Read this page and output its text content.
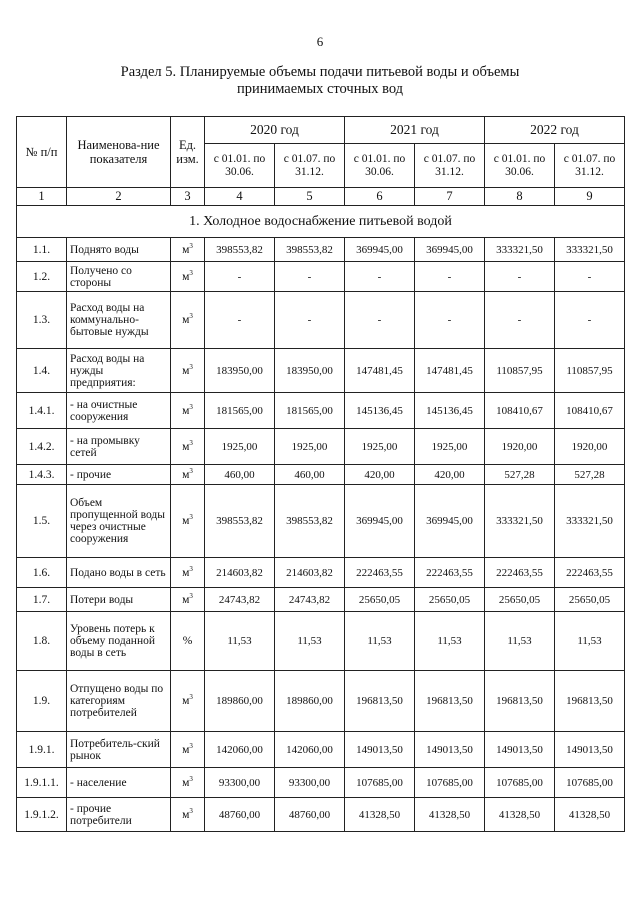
6
Раздел 5. Планируемые объемы подачи питьевой воды и объемы
принимаемых сточных вод
№ п/п	Наименова-ние показателя	Ед. изм.	2020 год		2021 год		2022 год	
			с 01.01. по 30.06.	с 01.07. по 31.12.	с 01.01. по 30.06.	с 01.07. по 31.12.	с 01.01. по 30.06.	с 01.07. по 31.12.
1	2	3	4	5	6	7	8	9
1. Холодное водоснабжение питьевой водой								
1.1.	Поднято воды	$м^3$	398553,82	398553,82	369945,00	369945,00	333321,50	333321,50
1.2.	Получено со стороны	$м^3$	-	-	-	-	-	-
1.3.	Расход воды на коммунально-бытовые нужды	$м^3$	-	-	-	-	-	-
1.4.	Расход воды на нужды предприятия:	$м^3$	183950,00	183950,00	147481,45	147481,45	110857,95	110857,95
1.4.1.	- на очистные сооружения	$м^3$	181565,00	181565,00	145136,45	145136,45	108410,67	108410,67
1.4.2.	- на промывку сетей	$м^3$	1925,00	1925,00	1925,00	1925,00	1920,00	1920,00
1.4.3.	- прочие	$м^3$	460,00	460,00	420,00	420,00	527,28	527,28
1.5.	Объем пропущенной воды через очистные сооружения	$м^3$	398553,82	398553,82	369945,00	369945,00	333321,50	333321,50
1.6.	Подано воды в сеть	$м^3$	214603,82	214603,82	222463,55	222463,55	222463,55	222463,55
1.7.	Потери воды	$м^3$	24743,82	24743,82	25650,05	25650,05	25650,05	25650,05
1.8.	Уровень потерь к объему поданной воды в сеть	%	11,53	11,53	11,53	11,53	11,53	11,53
1.9.	Отпущено воды по категориям потребителей	$м^3$	189860,00	189860,00	196813,50	196813,50	196813,50	196813,50
1.9.1.	Потребитель-ский рынок	$м^3$	142060,00	142060,00	149013,50	149013,50	149013,50	149013,50
1.9.1.1.	- население	$м^3$	93300,00	93300,00	107685,00	107685,00	107685,00	107685,00
1.9.1.2.	- прочие потребители	$м^3$	48760,00	48760,00	41328,50	41328,50	41328,50	41328,50
